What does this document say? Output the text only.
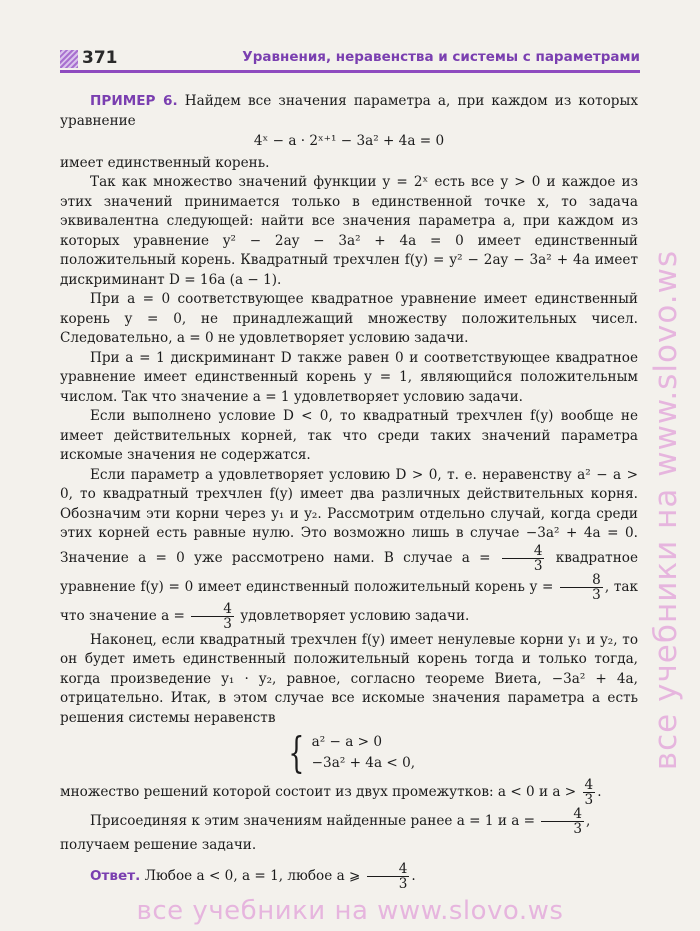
371	Уравнения, неравенства и системы с параметрами

ПРИМЕР 6. Найдем все значения параметра a, при каждом из которых уравнение

4ˣ − a · 2ˣ⁺¹ − 3a² + 4a = 0

имеет единственный корень.

Так как множество значений функции y = 2ˣ есть все y > 0 и каждое из этих значений принимается только в единственной точке x, то задача эквивалентна следующей: найти все значения параметра a, при каждом из которых уравнение y² − 2ay − 3a² + 4a = 0 имеет единственный положительный корень. Квадратный трехчлен f(y) = y² − 2ay − 3a² + 4a имеет дискриминант D = 16a (a − 1).

При a = 0 соответствующее квадратное уравнение имеет единственный корень y = 0, не принадлежащий множеству положительных чисел. Следовательно, a = 0 не удовлетворяет условию задачи.

При a = 1 дискриминант D также равен 0 и соответствующее квадратное уравнение имеет единственный корень y = 1, являющийся положительным числом. Так что значение a = 1 удовлетворяет условию задачи.

Если выполнено условие D < 0, то квадратный трехчлен f(y) вообще не имеет действительных корней, так что среди таких значений параметра искомые значения не содержатся.

Если параметр a удовлетворяет условию D > 0, т. е. неравенству a² − a > 0, то квадратный трехчлен f(y) имеет два различных действительных корня. Обозначим эти корни через y₁ и y₂. Рассмотрим отдельно случай, когда среди этих корней есть равные нулю. Это возможно лишь в случае −3a² + 4a = 0. Значение a = 0 уже рассмотрено нами. В случае $a = \frac{4}{3}$ квадратное уравнение f(y) = 0 имеет единственный положительный корень $y = \frac{8}{3}$ , так что значение $a = \frac{4}{3}$ удовлетворяет условию задачи.

Наконец, если квадратный трехчлен f(y) имеет ненулевые корни y₁ и y₂, то он будет иметь единственный положительный корень тогда и только тогда, когда произведение y₁ · y₂, равное, согласно теореме Виета, −3a² + 4a, отрицательно. Итак, в этом случае все искомые значения параметра a есть решения системы неравенств

{ a² − a > 0
−3a² + 4a < 0,

множество решений которой состоит из двух промежутков: a < 0 и $a > \frac{4}{3}$ .

Присоединяя к этим значениям найденные ранее a = 1 и $a = \frac{4}{3}$ ,

получаем решение задачи.

Ответ. Любое a < 0, a = 1, любое a ⩾ $\frac{4}{3}$ .

все учебники на www.slovo.ws
все учебники на www.slovo.ws
